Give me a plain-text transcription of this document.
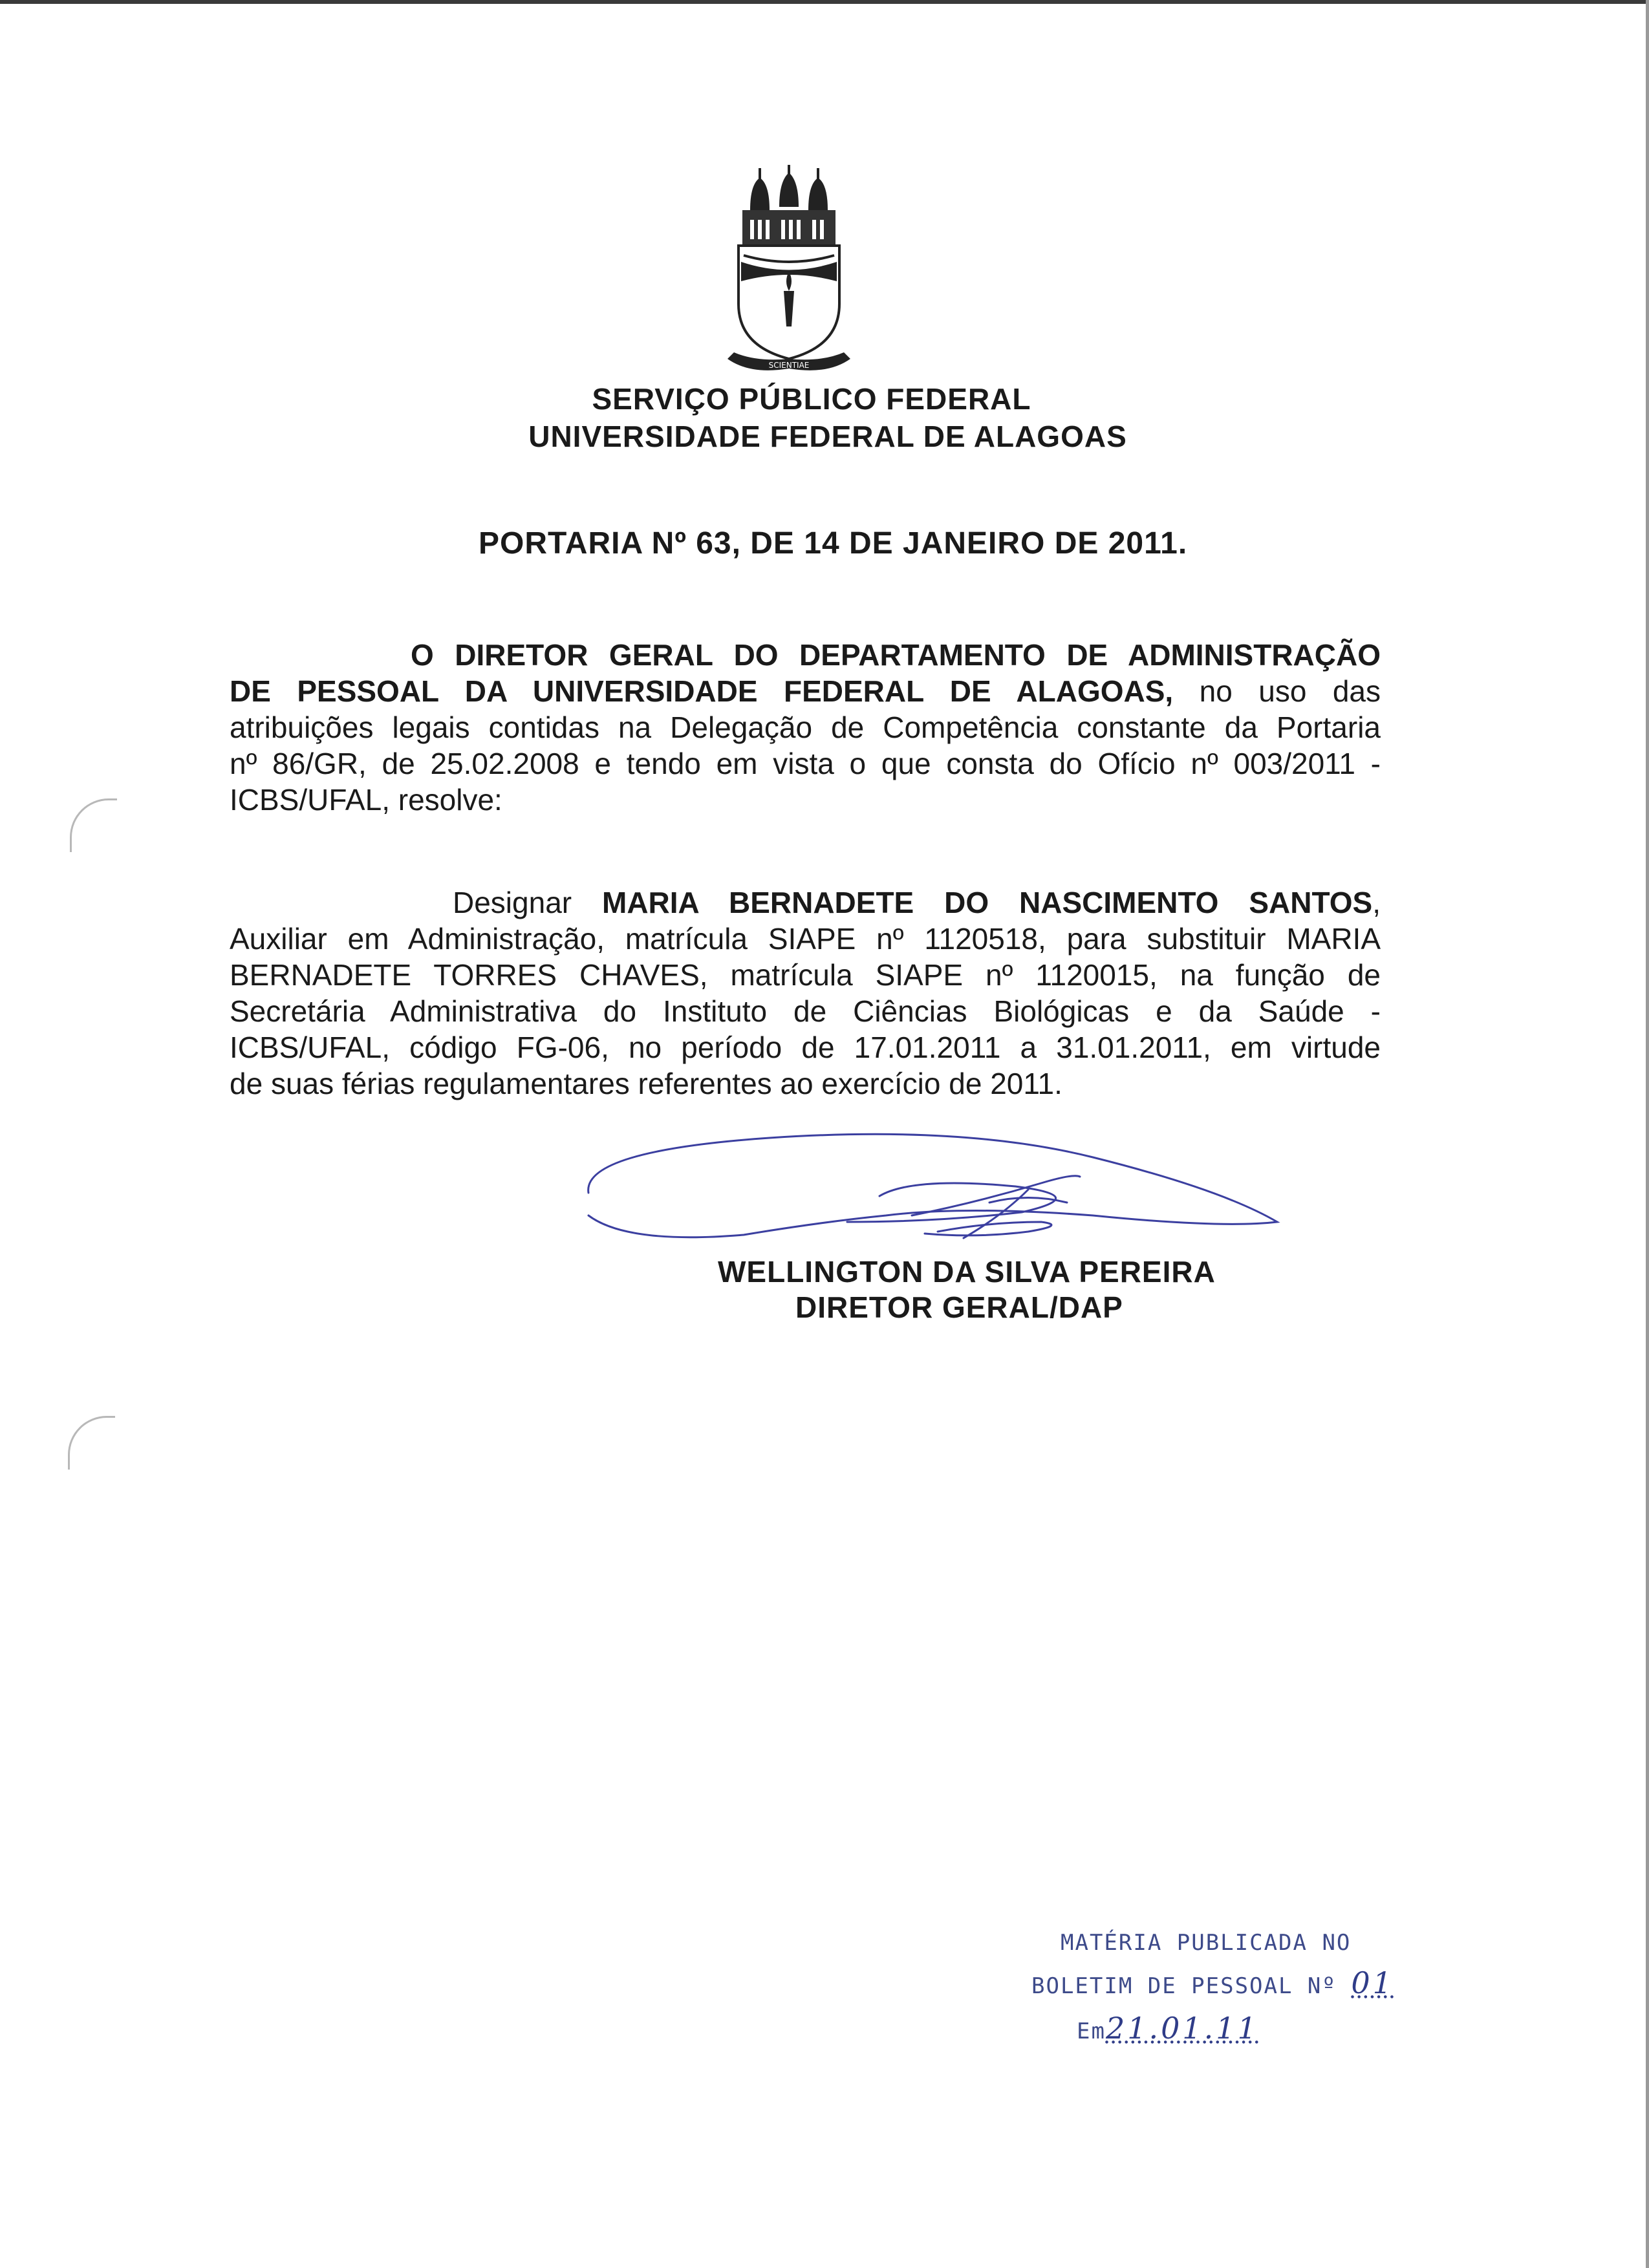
SCIENTIAE
SERVIÇO PÚBLICO FEDERAL
UNIVERSIDADE FEDERAL DE ALAGOAS
PORTARIA Nº 63, DE 14 DE JANEIRO DE 2011.
O DIRETOR GERAL DO DEPARTAMENTO DE ADMINISTRAÇÃO
DE PESSOAL DA UNIVERSIDADE FEDERAL DE ALAGOAS, no uso das
atribuições legais contidas na Delegação de Competência constante da Portaria
nº 86/GR, de 25.02.2008 e tendo em vista o que consta do Ofício nº 003/2011 -
ICBS/UFAL, resolve:
Designar MARIA BERNADETE DO NASCIMENTO SANTOS,
Auxiliar em Administração, matrícula SIAPE nº 1120518, para substituir MARIA
BERNADETE TORRES CHAVES, matrícula SIAPE nº 1120015, na função de
Secretária Administrativa do Instituto de Ciências Biológicas e da Saúde -
ICBS/UFAL, código FG-06, no período de 17.01.2011 a 31.01.2011, em virtude
de suas férias regulamentares referentes ao exercício de 2011.
WELLINGTON DA SILVA PEREIRA
DIRETOR GERAL/DAP
MATÉRIA PUBLICADA NO
BOLETIM DE PESSOAL Nº 01
Em21.01.11
